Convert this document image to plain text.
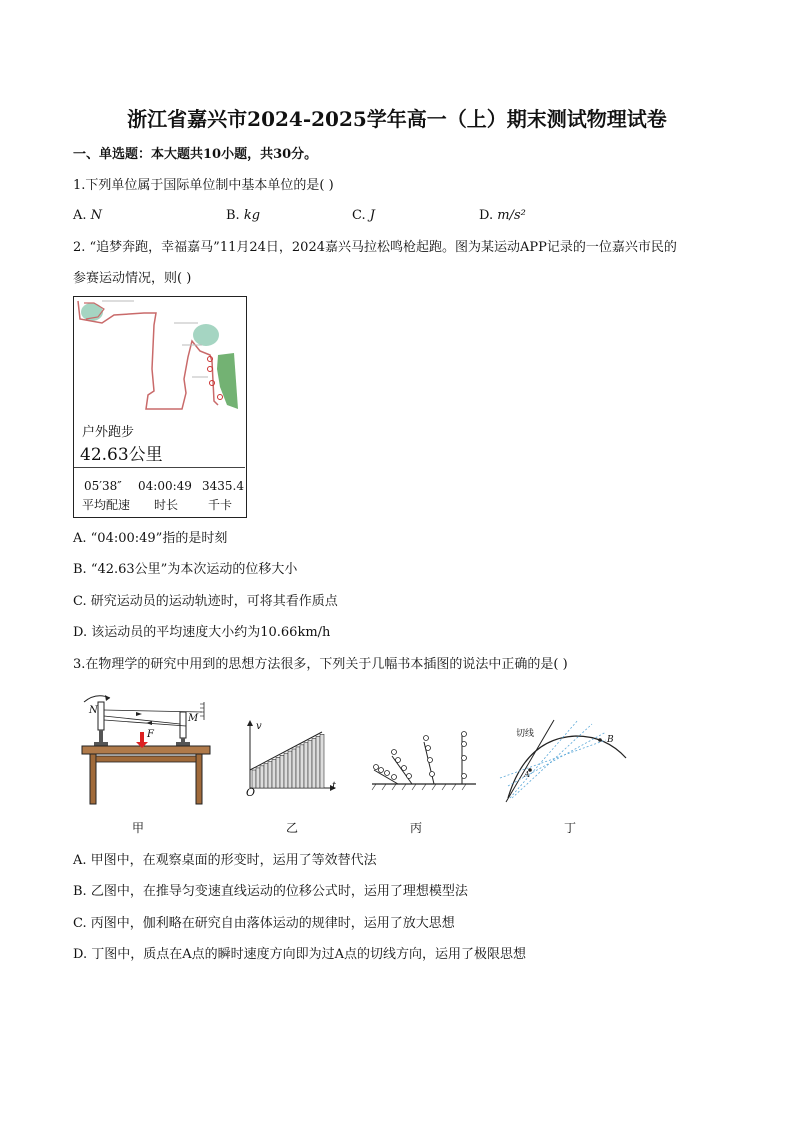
浙江省嘉兴市2024-2025学年高一（上）期末测试物理试卷
一、单选题：本大题共10小题，共30分。
1.下列单位属于国际单位制中基本单位的是( )
A. N	B. kg	C. J	D. m/s²
2. “追梦奔跑，幸福嘉马”11月24日，2024嘉兴马拉松鸣枪起跑。图为某运动APP记录的一位嘉兴市民的
参赛运动情况，则( )
户外跑步
42.63公里
05′38″ 04:00:49 3435.4
平均配速 时长 千卡
A. “04:00:49”指的是时刻
B. “42.63公里”为本次运动的位移大小
C. 研究运动员的运动轨迹时，可将其看作质点
D. 该运动员的平均速度大小约为10.66km/h
3.在物理学的研究中用到的思想方法很多，下列关于几幅书本插图的说法中正确的是( )
N
M
F
v
O	t
切线
A
B
甲	乙	丙	丁
A. 甲图中，在观察桌面的形变时，运用了等效替代法
B. 乙图中，在推导匀变速直线运动的位移公式时，运用了理想模型法
C. 丙图中，伽利略在研究自由落体运动的规律时，运用了放大思想
D. 丁图中，质点在A点的瞬时速度方向即为过A点的切线方向，运用了极限思想
